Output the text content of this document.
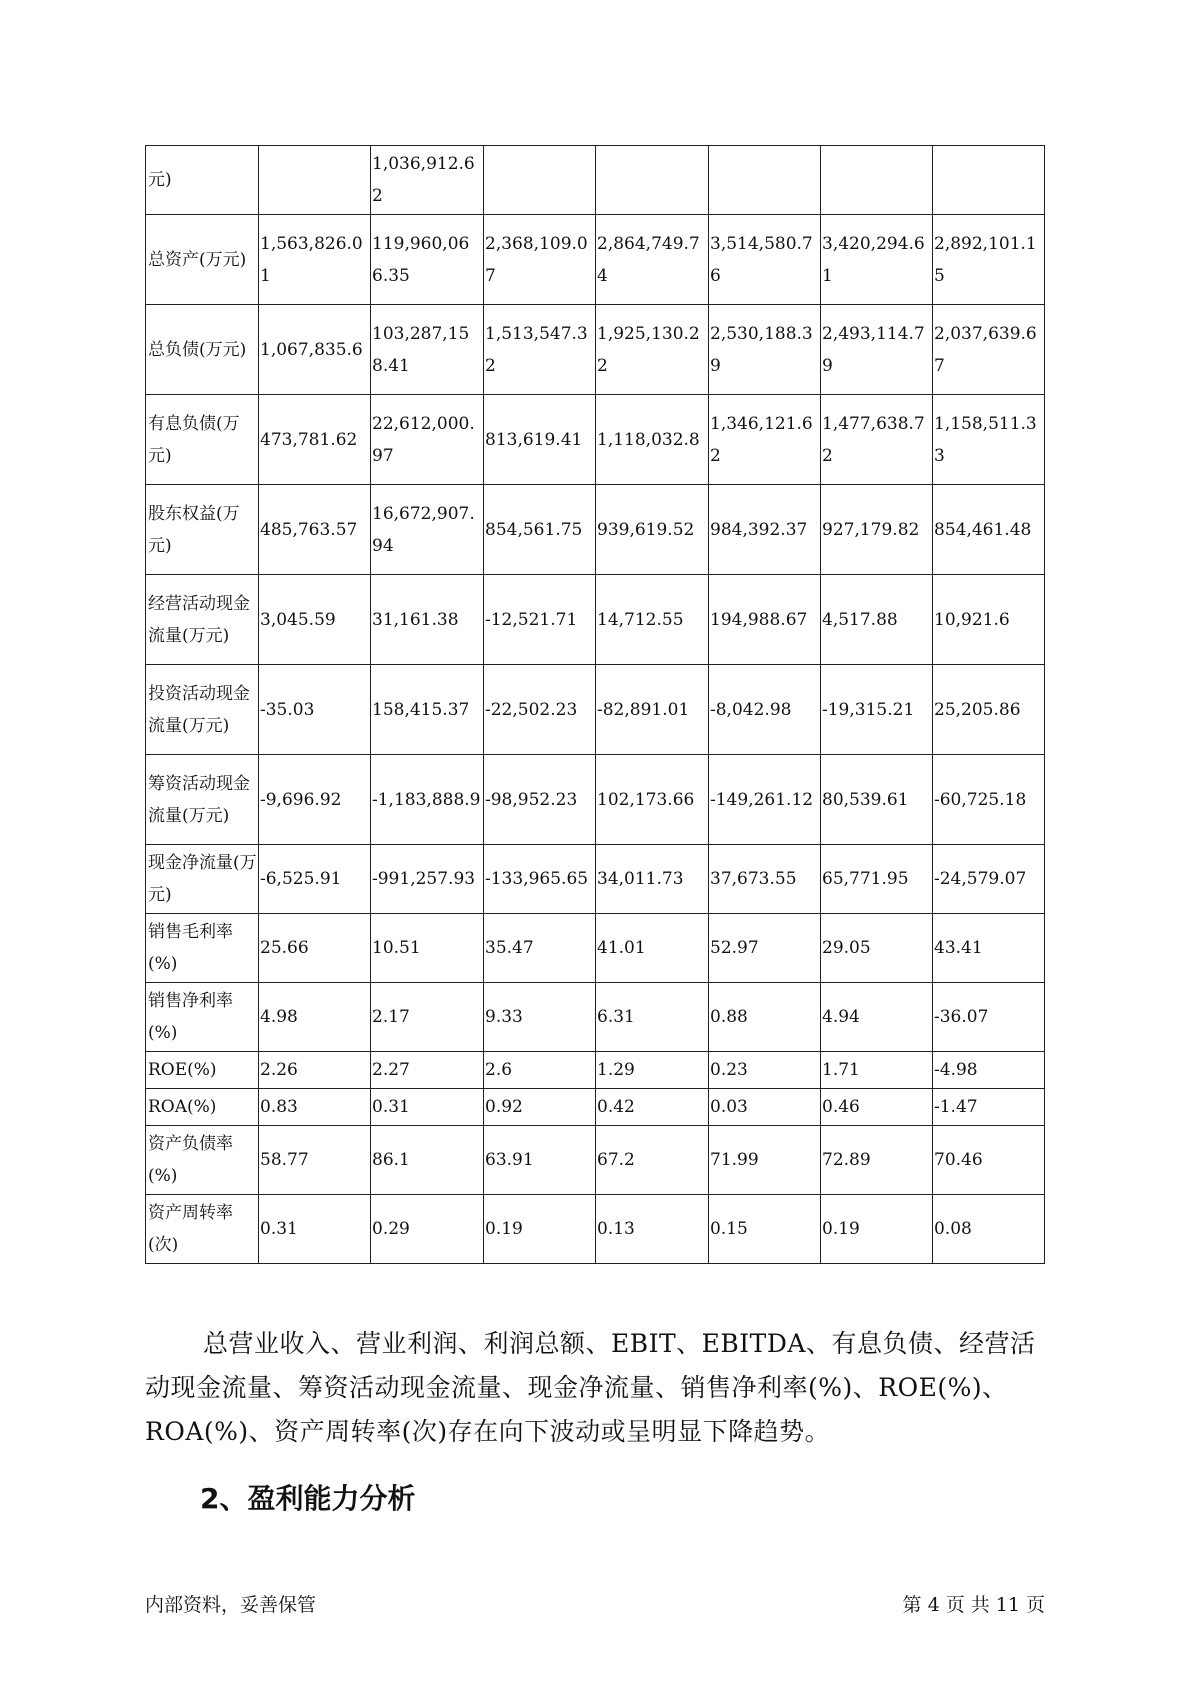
元)		1,036,912.62					
总资产(万元)	1,563,826.01	119,960,066.35	2,368,109.07	2,864,749.74	3,514,580.76	3,420,294.61	2,892,101.15
总负债(万元)	1,067,835.6	103,287,158.41	1,513,547.32	1,925,130.22	2,530,188.39	2,493,114.79	2,037,639.67
有息负债(万元)	473,781.62	22,612,000.97	813,619.41	1,118,032.8	1,346,121.62	1,477,638.72	1,158,511.33
股东权益(万元)	485,763.57	16,672,907.94	854,561.75	939,619.52	984,392.37	927,179.82	854,461.48
经营活动现金流量(万元)	3,045.59	31,161.38	-12,521.71	14,712.55	194,988.67	4,517.88	10,921.6
投资活动现金流量(万元)	-35.03	158,415.37	-22,502.23	-82,891.01	-8,042.98	-19,315.21	25,205.86
筹资活动现金流量(万元)	-9,696.92	-1,183,888.9	-98,952.23	102,173.66	-149,261.12	80,539.61	-60,725.18
现金净流量(万元)	-6,525.91	-991,257.93	-133,965.65	34,011.73	37,673.55	65,771.95	-24,579.07
销售毛利率(%)	25.66	10.51	35.47	41.01	52.97	29.05	43.41
销售净利率(%)	4.98	2.17	9.33	6.31	0.88	4.94	-36.07
ROE(%)	2.26	2.27	2.6	1.29	0.23	1.71	-4.98
ROA(%)	0.83	0.31	0.92	0.42	0.03	0.46	-1.47
资产负债率(%)	58.77	86.1	63.91	67.2	71.99	72.89	70.46
资产周转率(次)	0.31	0.29	0.19	0.13	0.15	0.19	0.08
总营业收入、营业利润、利润总额、EBIT、EBITDA、有息负债、经营活动现金流量、筹资活动现金流量、现金净流量、销售净利率(%)、ROE(%)、ROA(%)、资产周转率(次)存在向下波动或呈明显下降趋势。
2、盈利能力分析
内部资料，妥善保管	第 4 页 共 11 页
